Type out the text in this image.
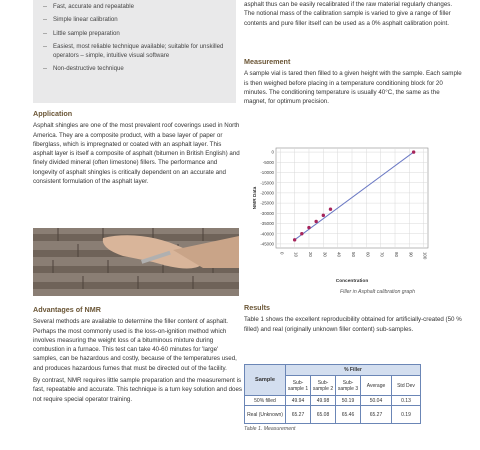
Fast, accurate and repeatable
Simple linear calibration
Little sample preparation
Easiest, most reliable technique available; suitable for unskilled operators – simple, intuitive visual software
Non-destructive technique
Application

Asphalt shingles are one of the most prevalent roof coverings used in North America. They are a composite product, with a base layer of paper or fiberglass, which is impregnated or coated with an asphalt layer. This asphalt layer is itself a composite of asphalt (bitumen in British English) and finely divided mineral (often limestone) fillers. The performance and longevity of asphalt shingles is critically dependent on an accurate and consistent formulation of the asphalt layer.

Advantages of NMR

Several methods are available to determine the filler content of asphalt. Perhaps the most commonly used is the loss-on-ignition method which involves measuring the weight loss of a bituminous mixture during combustion in a furnace. This test can take 40-60 minutes for 'large' samples, can be hazardous and costly, because of the temperatures used, and produces hazardous fumes that must be directed out of the facility.

By contrast, NMR requires little sample preparation and the measurement is fast, repeatable and accurate. This technique is a turn key solution and does not require special operator training.

asphalt thus can be easily recalibrated if the raw material regularly changes. The notional mass of the calibration sample is varied to give a range of filler contents and pure filler itself can be used as a 0% asphalt calibration point.

Measurement

A sample vial is tared then filled to a given height with the sample. Each sample is then weighed before placing in a temperature conditioning block for 20 minutes. The conditioning temperature is usually 40°C, the same as the magnet, for optimum precision.

0
-5000
-10000
-15000
-20000
-25000
-30000
-35000
-40000
-45000
0 10 20 30 40 50 60 70 80 90 100
NMR Data
Concentration
Filler in Asphalt calibration graph
Results

Table 1 shows the excellent reproducibility obtained for artificially-created (50 % filled) and real (originally unknown filler content) sub-samples.

Sample	% Filler				
	Sub-sample 1	Sub-sample 2	Sub-sample 3	Average	Std Dev
50% filled	49.94	49.98	50.19	50.04	0.13
Real (Unknown)	65.27	65.08	65.46	65.27	0.19
Table 1. Measurement
